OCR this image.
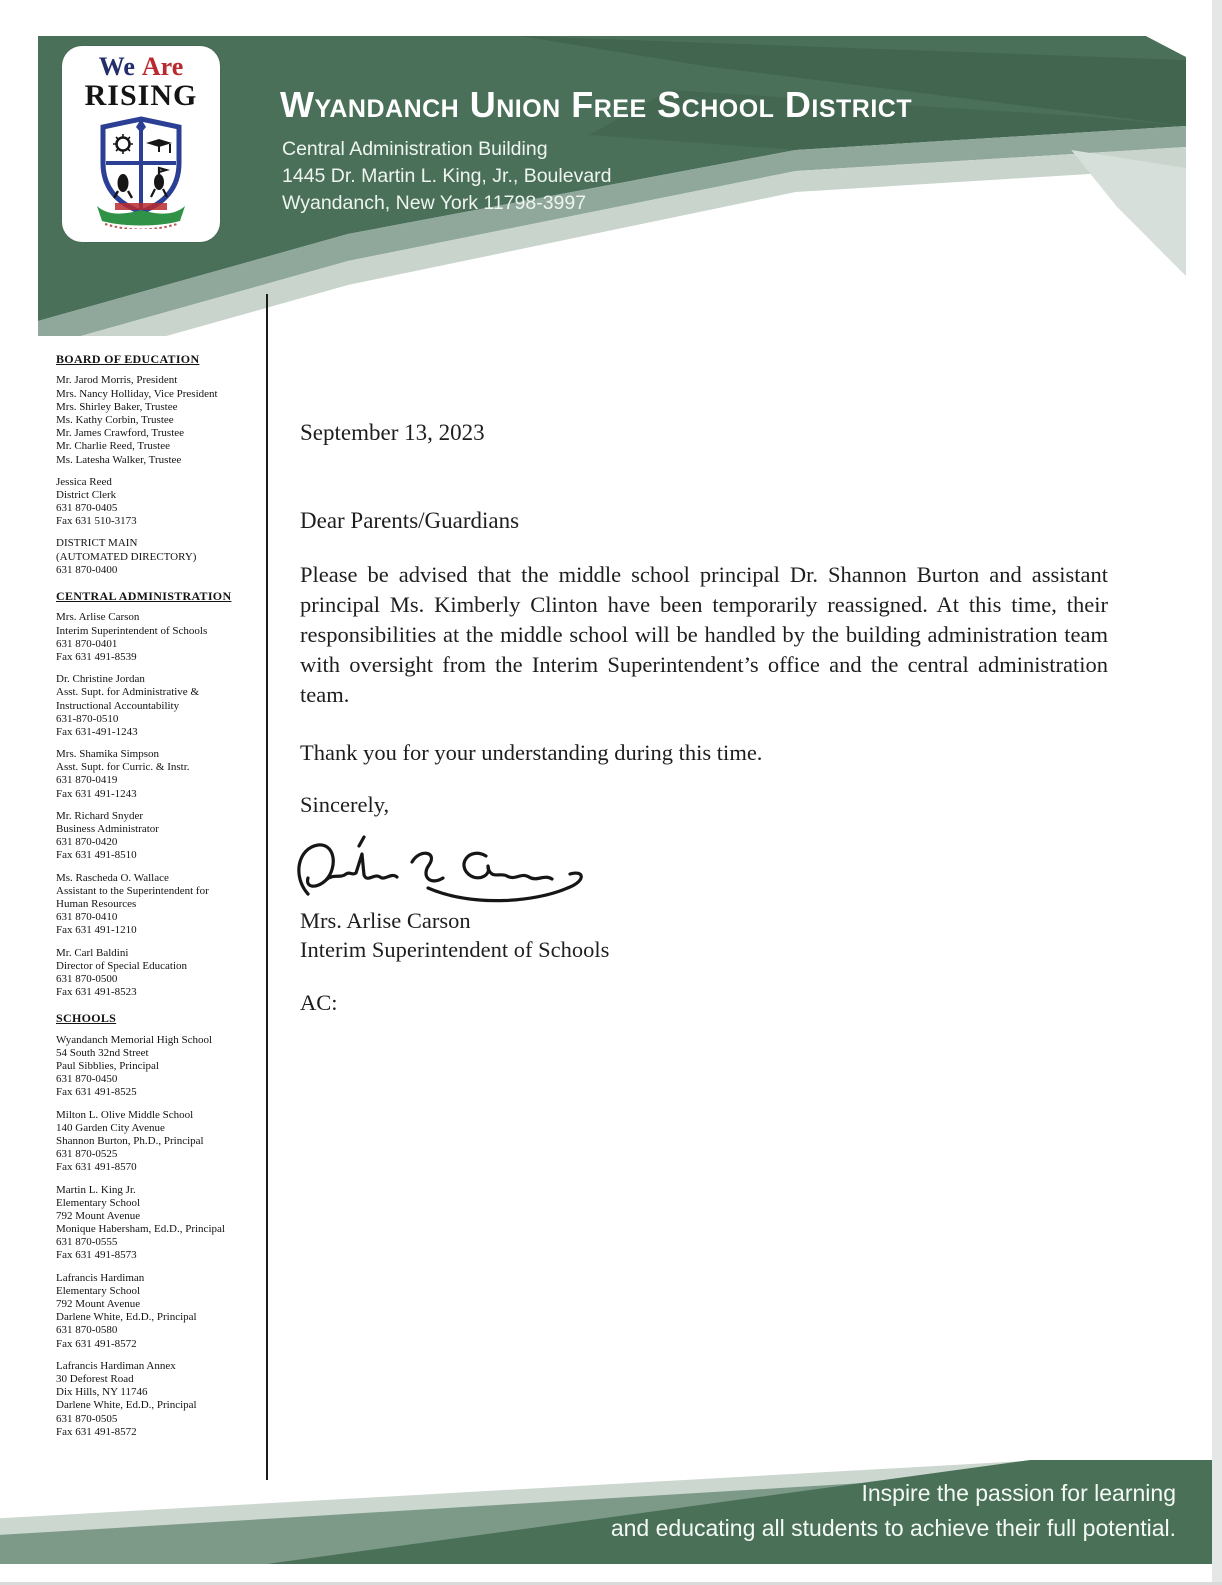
Wyandanch Union Free School District
Central Administration Building
1445 Dr. Martin L. King, Jr., Boulevard
Wyandanch, New York 11798-3997
We Are
RISING
BOARD OF EDUCATION
Mr. Jarod Morris, President
Mrs. Nancy Holliday, Vice President
Mrs. Shirley Baker, Trustee
Ms. Kathy Corbin, Trustee
Mr. James Crawford, Trustee
Mr. Charlie Reed, Trustee
Ms. Latesha Walker, Trustee
Jessica Reed
District Clerk
631 870-0405
Fax 631 510-3173
DISTRICT MAIN
(AUTOMATED DIRECTORY)
631 870-0400
CENTRAL ADMINISTRATION
Mrs. Arlise Carson
Interim Superintendent of Schools
631 870-0401
Fax 631 491-8539
Dr. Christine Jordan
Asst. Supt. for Administrative &
Instructional Accountability
631-870-0510
Fax 631-491-1243
Mrs. Shamika Simpson
Asst. Supt. for Curric. & Instr.
631 870-0419
Fax 631 491-1243
Mr. Richard Snyder
Business Administrator
631 870-0420
Fax 631 491-8510
Ms. Rascheda O. Wallace
Assistant to the Superintendent for
Human Resources
631 870-0410
Fax 631 491-1210
Mr. Carl Baldini
Director of Special Education
631 870-0500
Fax 631 491-8523
SCHOOLS
Wyandanch Memorial High School
54 South 32nd Street
Paul Sibblies, Principal
631 870-0450
Fax 631 491-8525
Milton L. Olive Middle School
140 Garden City Avenue
Shannon Burton, Ph.D., Principal
631 870-0525
Fax 631 491-8570
Martin L. King Jr.
Elementary School
792 Mount Avenue
Monique Habersham, Ed.D., Principal
631 870-0555
Fax 631 491-8573
Lafrancis Hardiman
Elementary School
792 Mount Avenue
Darlene White, Ed.D., Principal
631 870-0580
Fax 631 491-8572
Lafrancis Hardiman Annex
30 Deforest Road
Dix Hills, NY 11746
Darlene White, Ed.D., Principal
631 870-0505
Fax 631 491-8572
September 13, 2023
Dear Parents/Guardians

Please be advised that the middle school principal Dr. Shannon Burton and assistant principal Ms. Kimberly Clinton have been temporarily reassigned. At this time, their responsibilities at the middle school will be handled by the building administration team with oversight from the Interim Superintendent’s office and the central administration team.

Thank you for your understanding during this time.

Sincerely,
Mrs. Arlise Carson
Interim Superintendent of Schools
AC:
Inspire the passion for learning
and educating all students to achieve their full potential.
